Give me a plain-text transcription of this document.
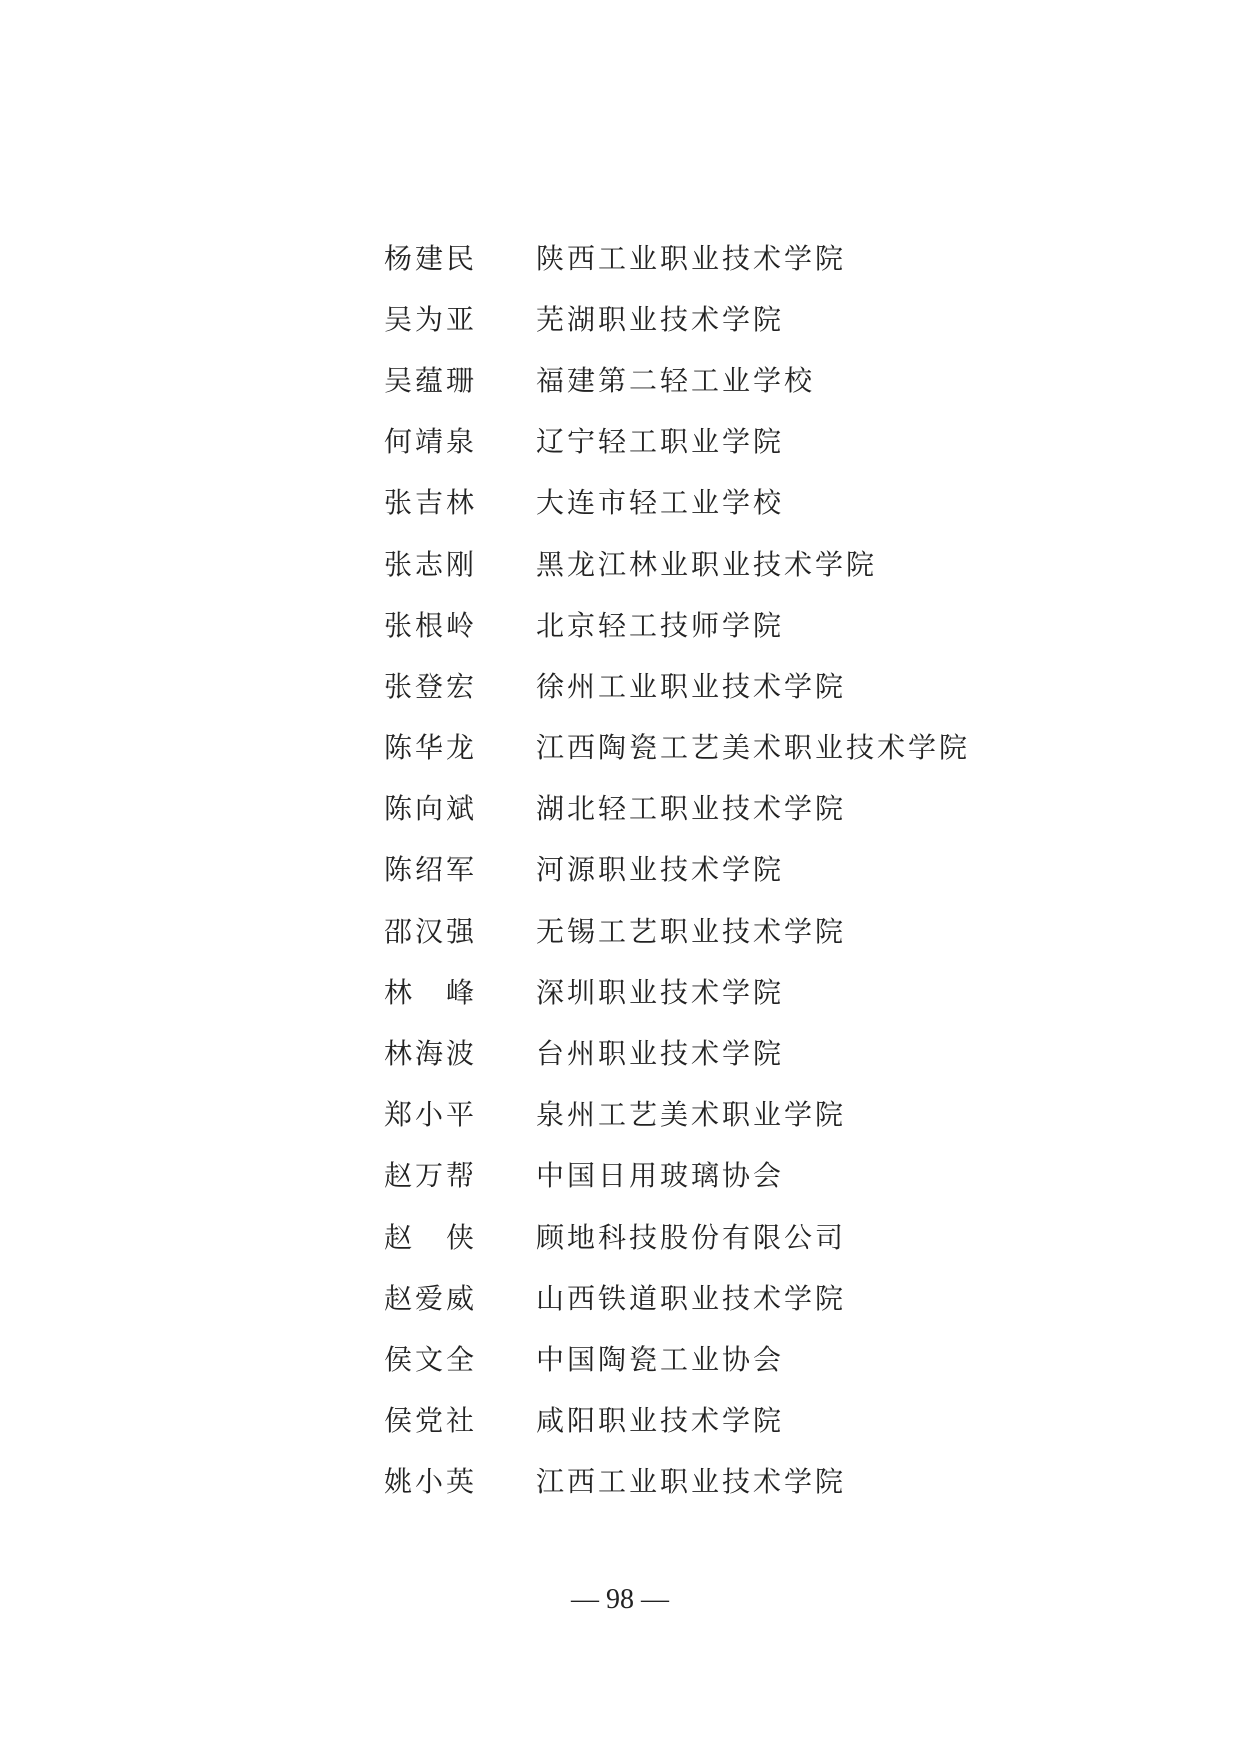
杨建民	陕西工业职业技术学院
吴为亚	芜湖职业技术学院
吴蕴珊	福建第二轻工业学校
何靖泉	辽宁轻工职业学院
张吉林	大连市轻工业学校
张志刚	黑龙江林业职业技术学院
张根岭	北京轻工技师学院
张登宏	徐州工业职业技术学院
陈华龙	江西陶瓷工艺美术职业技术学院
陈向斌	湖北轻工职业技术学院
陈绍军	河源职业技术学院
邵汉强	无锡工艺职业技术学院
林　峰	深圳职业技术学院
林海波	台州职业技术学院
郑小平	泉州工艺美术职业学院
赵万帮	中国日用玻璃协会
赵　侠	顾地科技股份有限公司
赵爱威	山西铁道职业技术学院
侯文全	中国陶瓷工业协会
侯党社	咸阳职业技术学院
姚小英	江西工业职业技术学院
— 98 —
